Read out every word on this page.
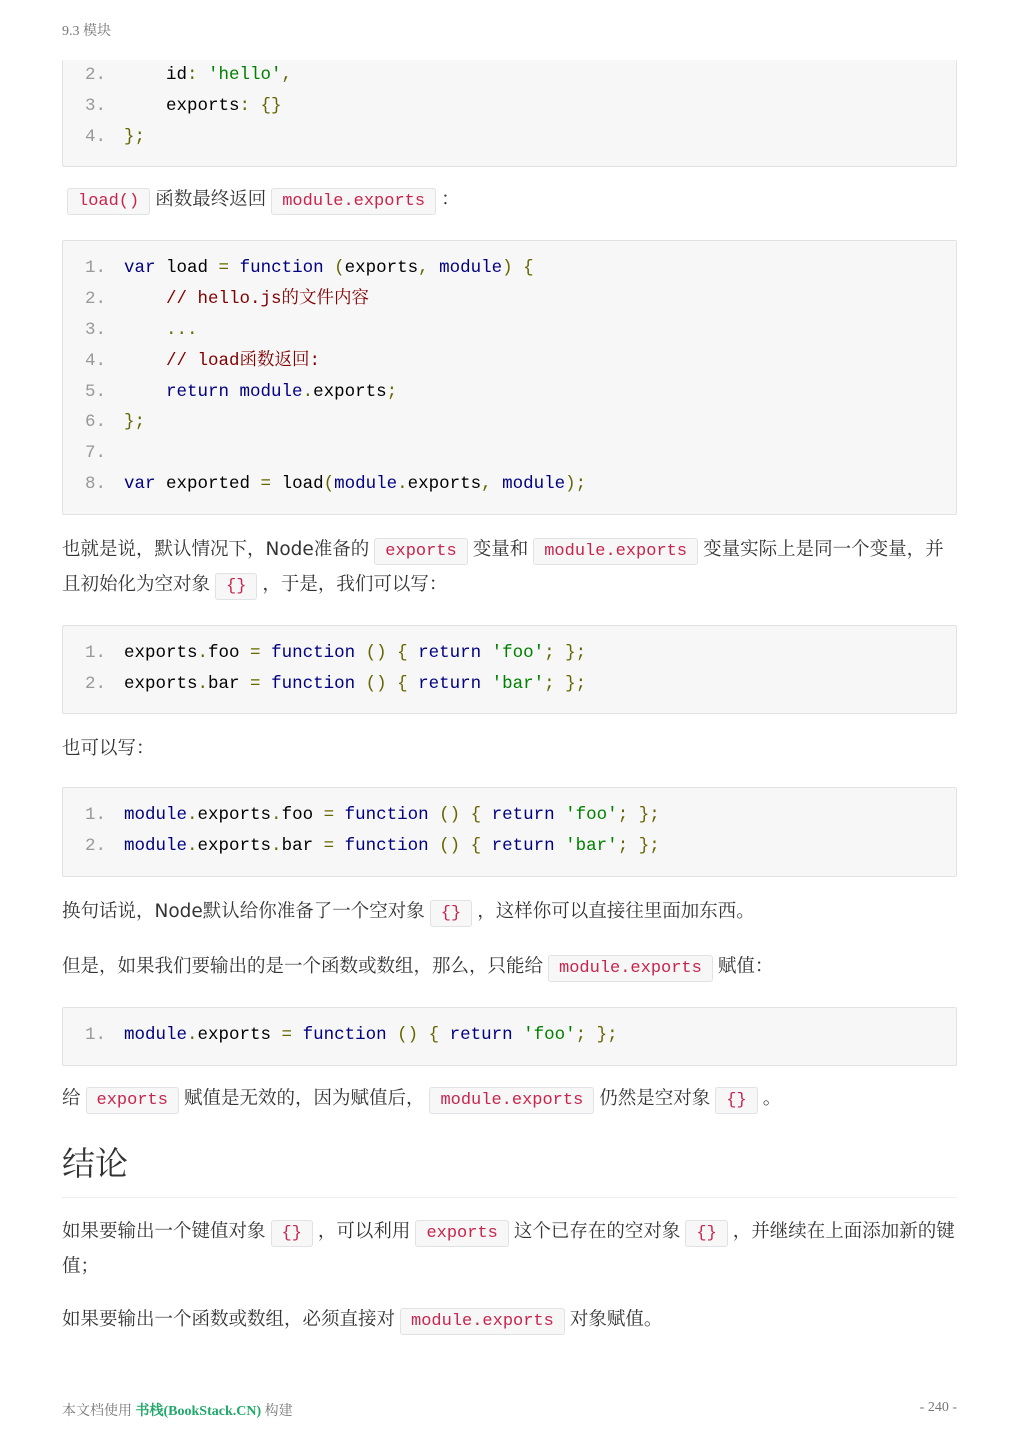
9.3 模块
2.    id: 'hello',
3.    exports: {}
4. };

load() 函数最终返回 module.exports ：

1. var load = function (exports, module) {
2.    // hello.js的文件内容
3.    ...
4.    // load函数返回:
5.	return module.exports;
6. };
7.
8. var exported = load(module.exports, module);

也就是说，默认情况下，Node准备的 exports 变量和 module.exports 变量实际上是同一个变量，并且初始化为空对象 {} ，于是，我们可以写：

1. exports.foo = function () { return 'foo'; };
2. exports.bar = function () { return 'bar'; };

也可以写：

1. module.exports.foo = function () { return 'foo'; };
2. module.exports.bar = function () { return 'bar'; };

换句话说，Node默认给你准备了一个空对象 {} ，这样你可以直接往里面加东西。

但是，如果我们要输出的是一个函数或数组，那么，只能给 module.exports 赋值：

1. module.exports = function () { return 'foo'; };

给 exports 赋值是无效的，因为赋值后， module.exports 仍然是空对象 {} 。

结论

如果要输出一个键值对象 {} ，可以利用 exports 这个已存在的空对象 {} ，并继续在上面添加新的键值；

如果要输出一个函数或数组，必须直接对 module.exports 对象赋值。

本文档使用 书栈(BookStack.CN) 构建	- 240 -
